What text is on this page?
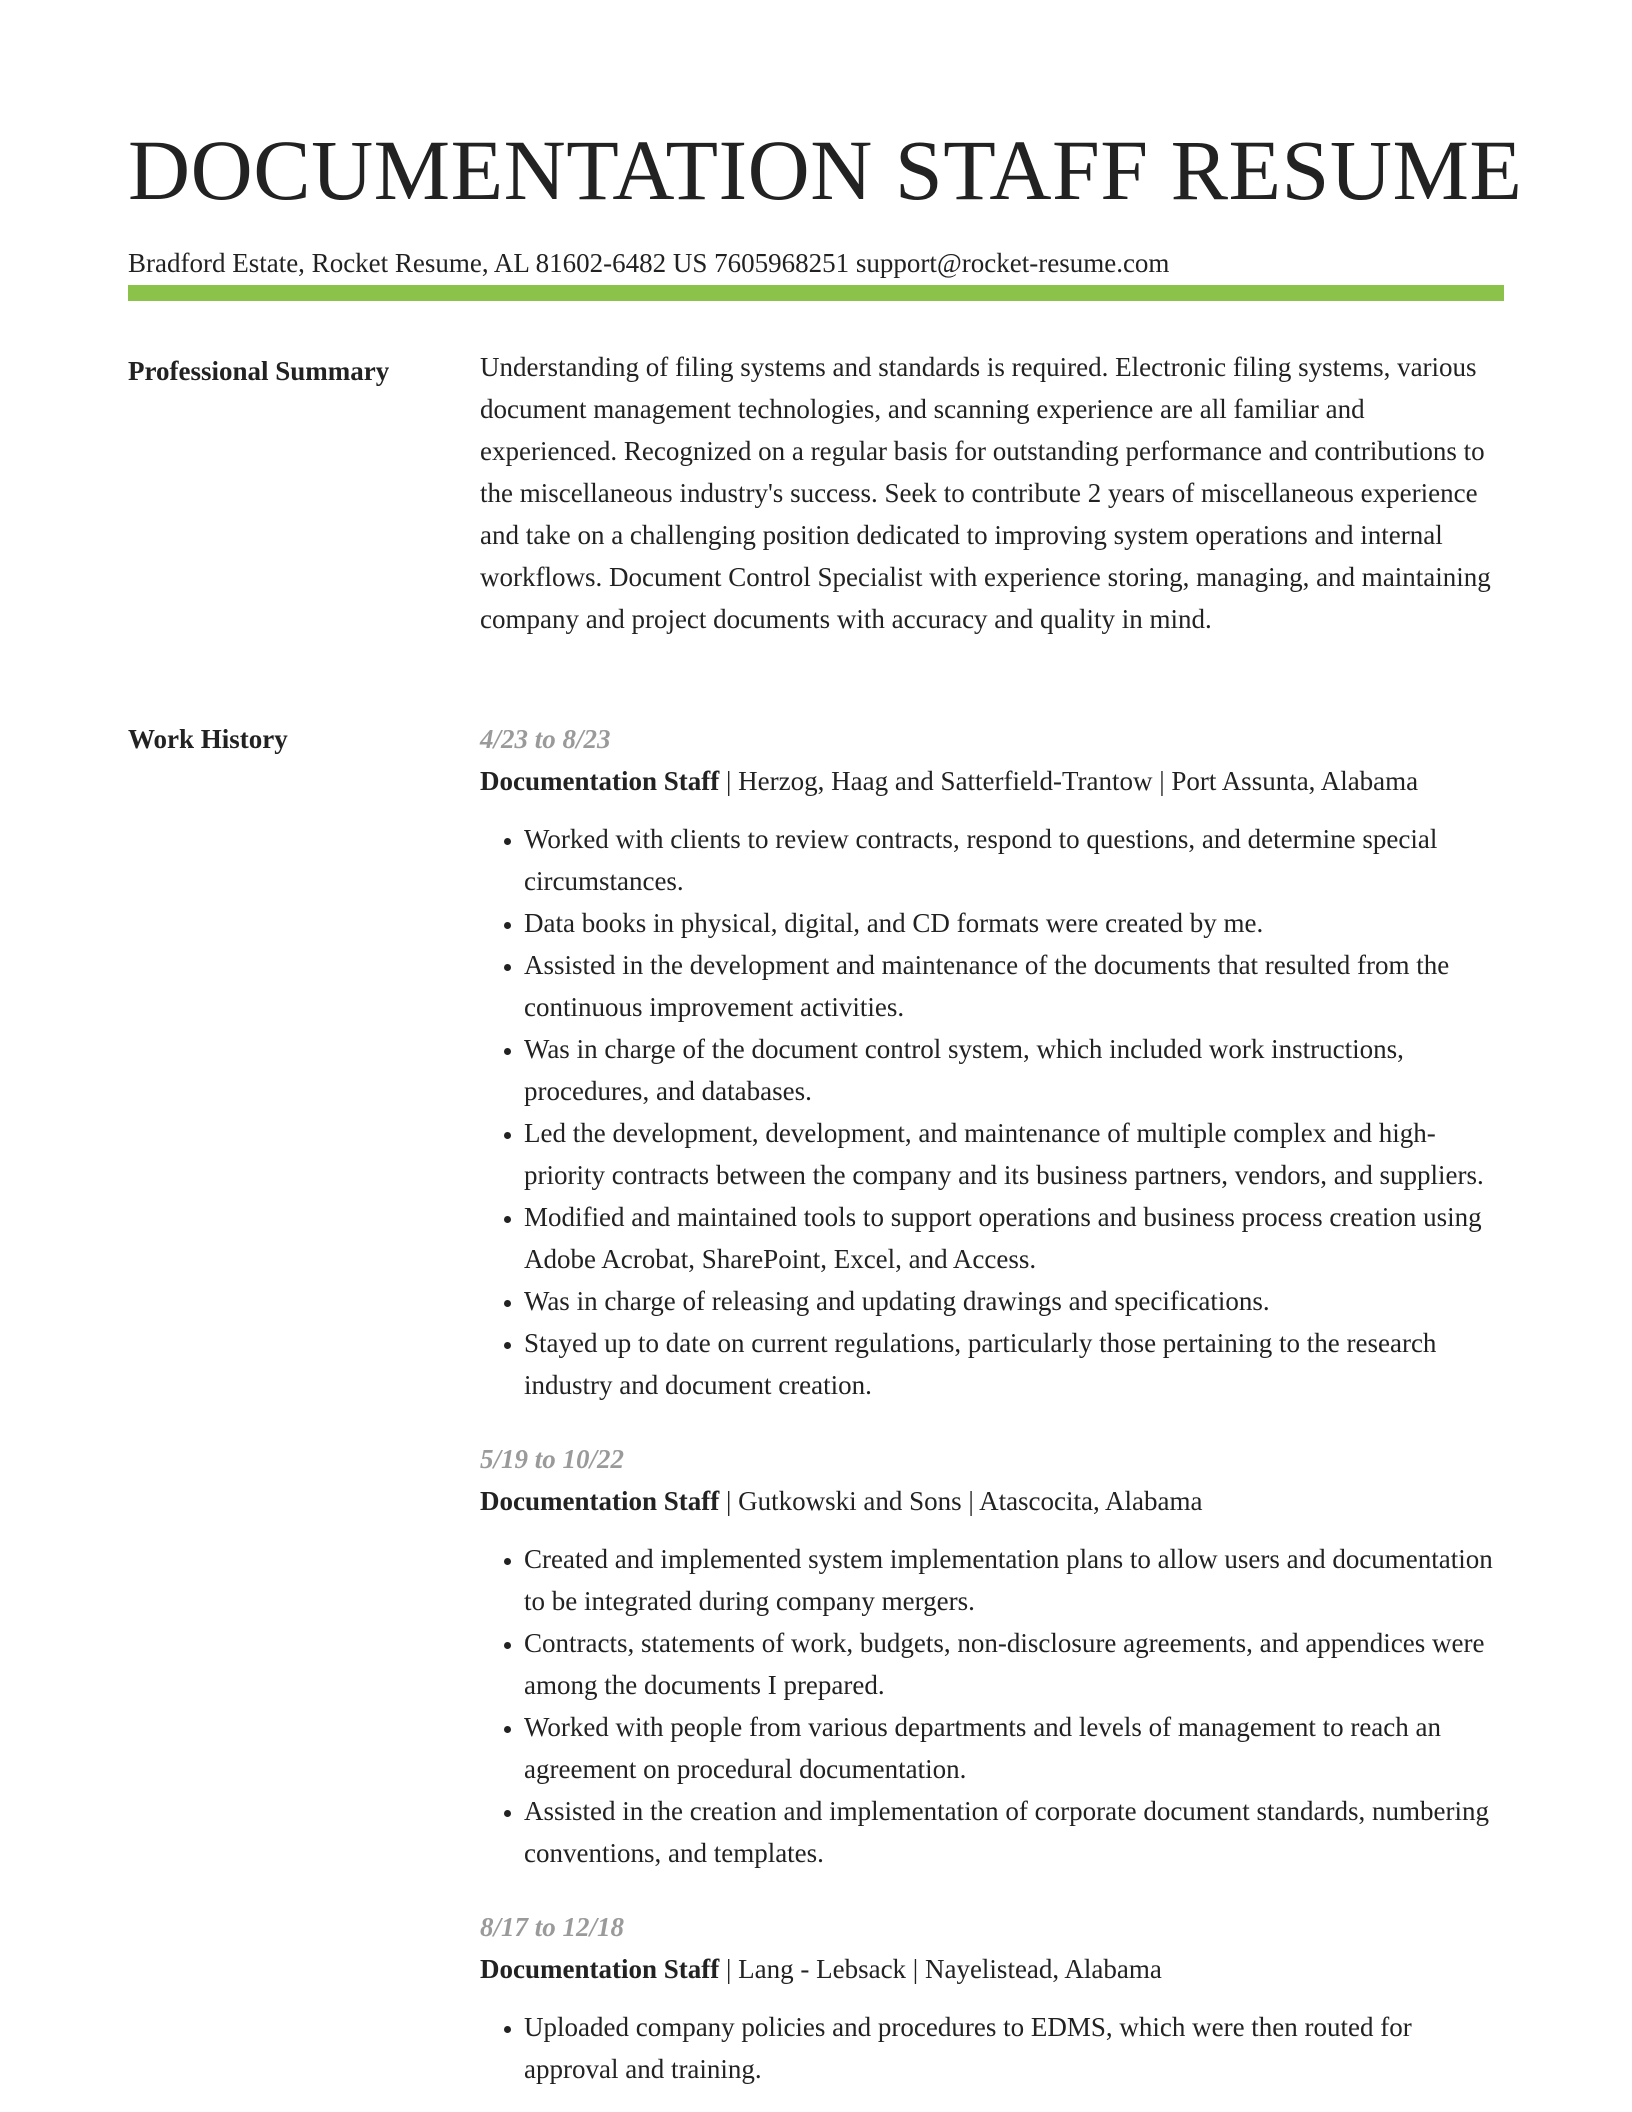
DOCUMENTATION STAFF RESUME
Bradford Estate, Rocket Resume, AL 81602-6482 US 7605968251 support@rocket-resume.com
Professional Summary	Understanding of filing systems and standards is required. Electronic filing systems, various document management technologies, and scanning experience are all familiar and experienced. Recognized on a regular basis for outstanding performance and contributions to the miscellaneous industry's success. Seek to contribute 2 years of miscellaneous experience and take on a challenging position dedicated to improving system operations and internal workflows. Document Control Specialist with experience storing, managing, and maintaining company and project documents with accuracy and quality in mind.

Work History	4/23 to 8/23
Documentation Staff | Herzog, Haag and Satterfield-Trantow | Port Assunta, Alabama
• Worked with clients to review contracts, respond to questions, and determine special circumstances.
• Data books in physical, digital, and CD formats were created by me.
• Assisted in the development and maintenance of the documents that resulted from the continuous improvement activities.
• Was in charge of the document control system, which included work instructions, procedures, and databases.
• Led the development, development, and maintenance of multiple complex and high-priority contracts between the company and its business partners, vendors, and suppliers.
• Modified and maintained tools to support operations and business process creation using Adobe Acrobat, SharePoint, Excel, and Access.
• Was in charge of releasing and updating drawings and specifications.
• Stayed up to date on current regulations, particularly those pertaining to the research industry and document creation.
5/19 to 10/22
Documentation Staff | Gutkowski and Sons | Atascocita, Alabama
• Created and implemented system implementation plans to allow users and documentation to be integrated during company mergers.
• Contracts, statements of work, budgets, non-disclosure agreements, and appendices were among the documents I prepared.
• Worked with people from various departments and levels of management to reach an agreement on procedural documentation.
• Assisted in the creation and implementation of corporate document standards, numbering conventions, and templates.
8/17 to 12/18
Documentation Staff | Lang - Lebsack | Nayelistead, Alabama
• Uploaded company policies and procedures to EDMS, which were then routed for approval and training.
